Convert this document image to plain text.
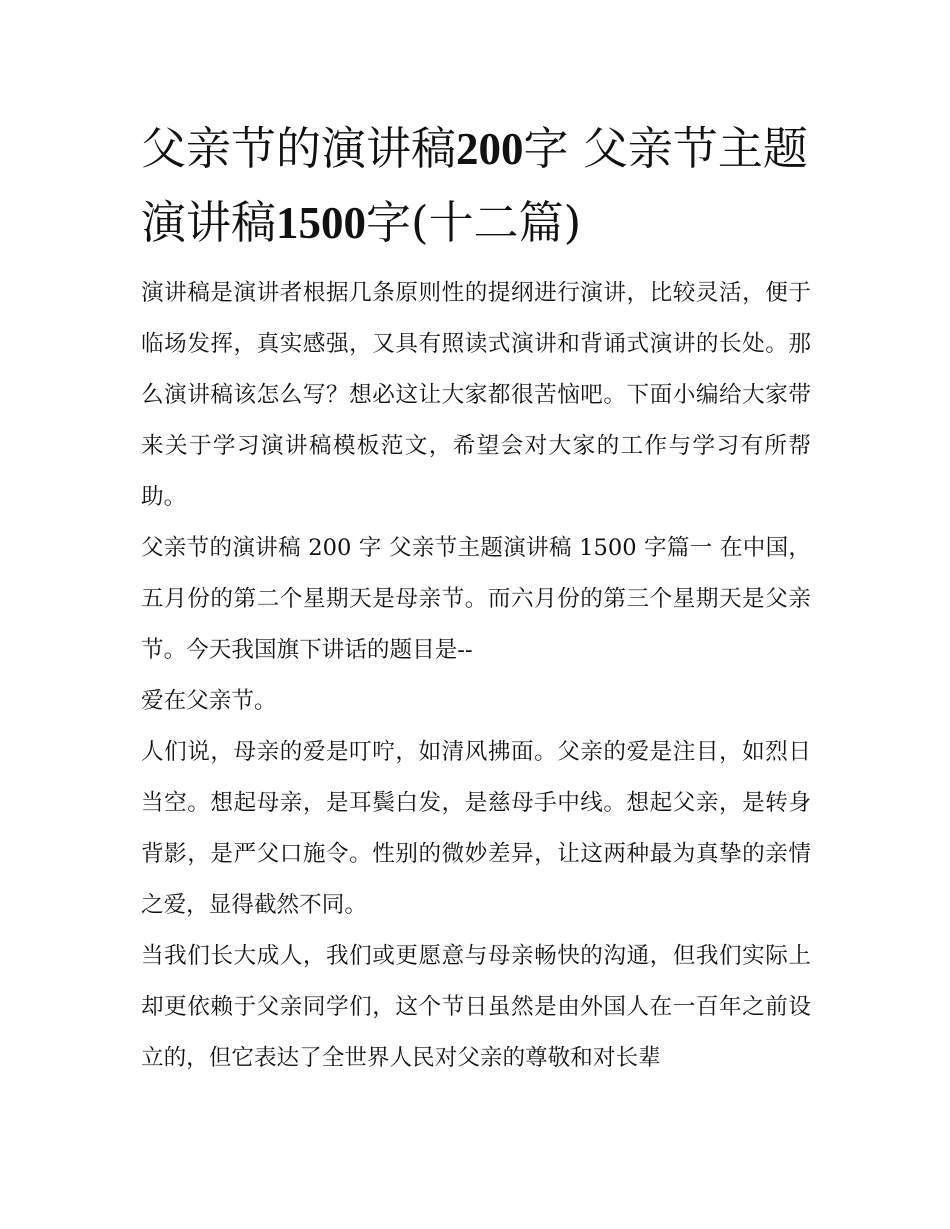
父亲节的演讲稿200字 父亲节主题演讲稿1500字(十二篇)

演讲稿是演讲者根据几条原则性的提纲进行演讲，比较灵活，便于临场发挥，真实感强，又具有照读式演讲和背诵式演讲的长处。那么演讲稿该怎么写？想必这让大家都很苦恼吧。下面小编给大家带来关于学习演讲稿模板范文，希望会对大家的工作与学习有所帮助。

父亲节的演讲稿 200 字 父亲节主题演讲稿 1500 字篇一 在中国，五月份的第二个星期天是母亲节。而六月份的第三个星期天是父亲节。今天我国旗下讲话的题目是--

爱在父亲节。

人们说，母亲的爱是叮咛，如清风拂面。父亲的爱是注目，如烈日当空。想起母亲，是耳鬓白发，是慈母手中线。想起父亲，是转身背影，是严父口施令。性别的微妙差异，让这两种最为真挚的亲情之爱，显得截然不同。

当我们长大成人，我们或更愿意与母亲畅快的沟通，但我们实际上却更依赖于父亲同学们，这个节日虽然是由外国人在一百年之前设立的，但它表达了全世界人民对父亲的尊敬和对长辈
